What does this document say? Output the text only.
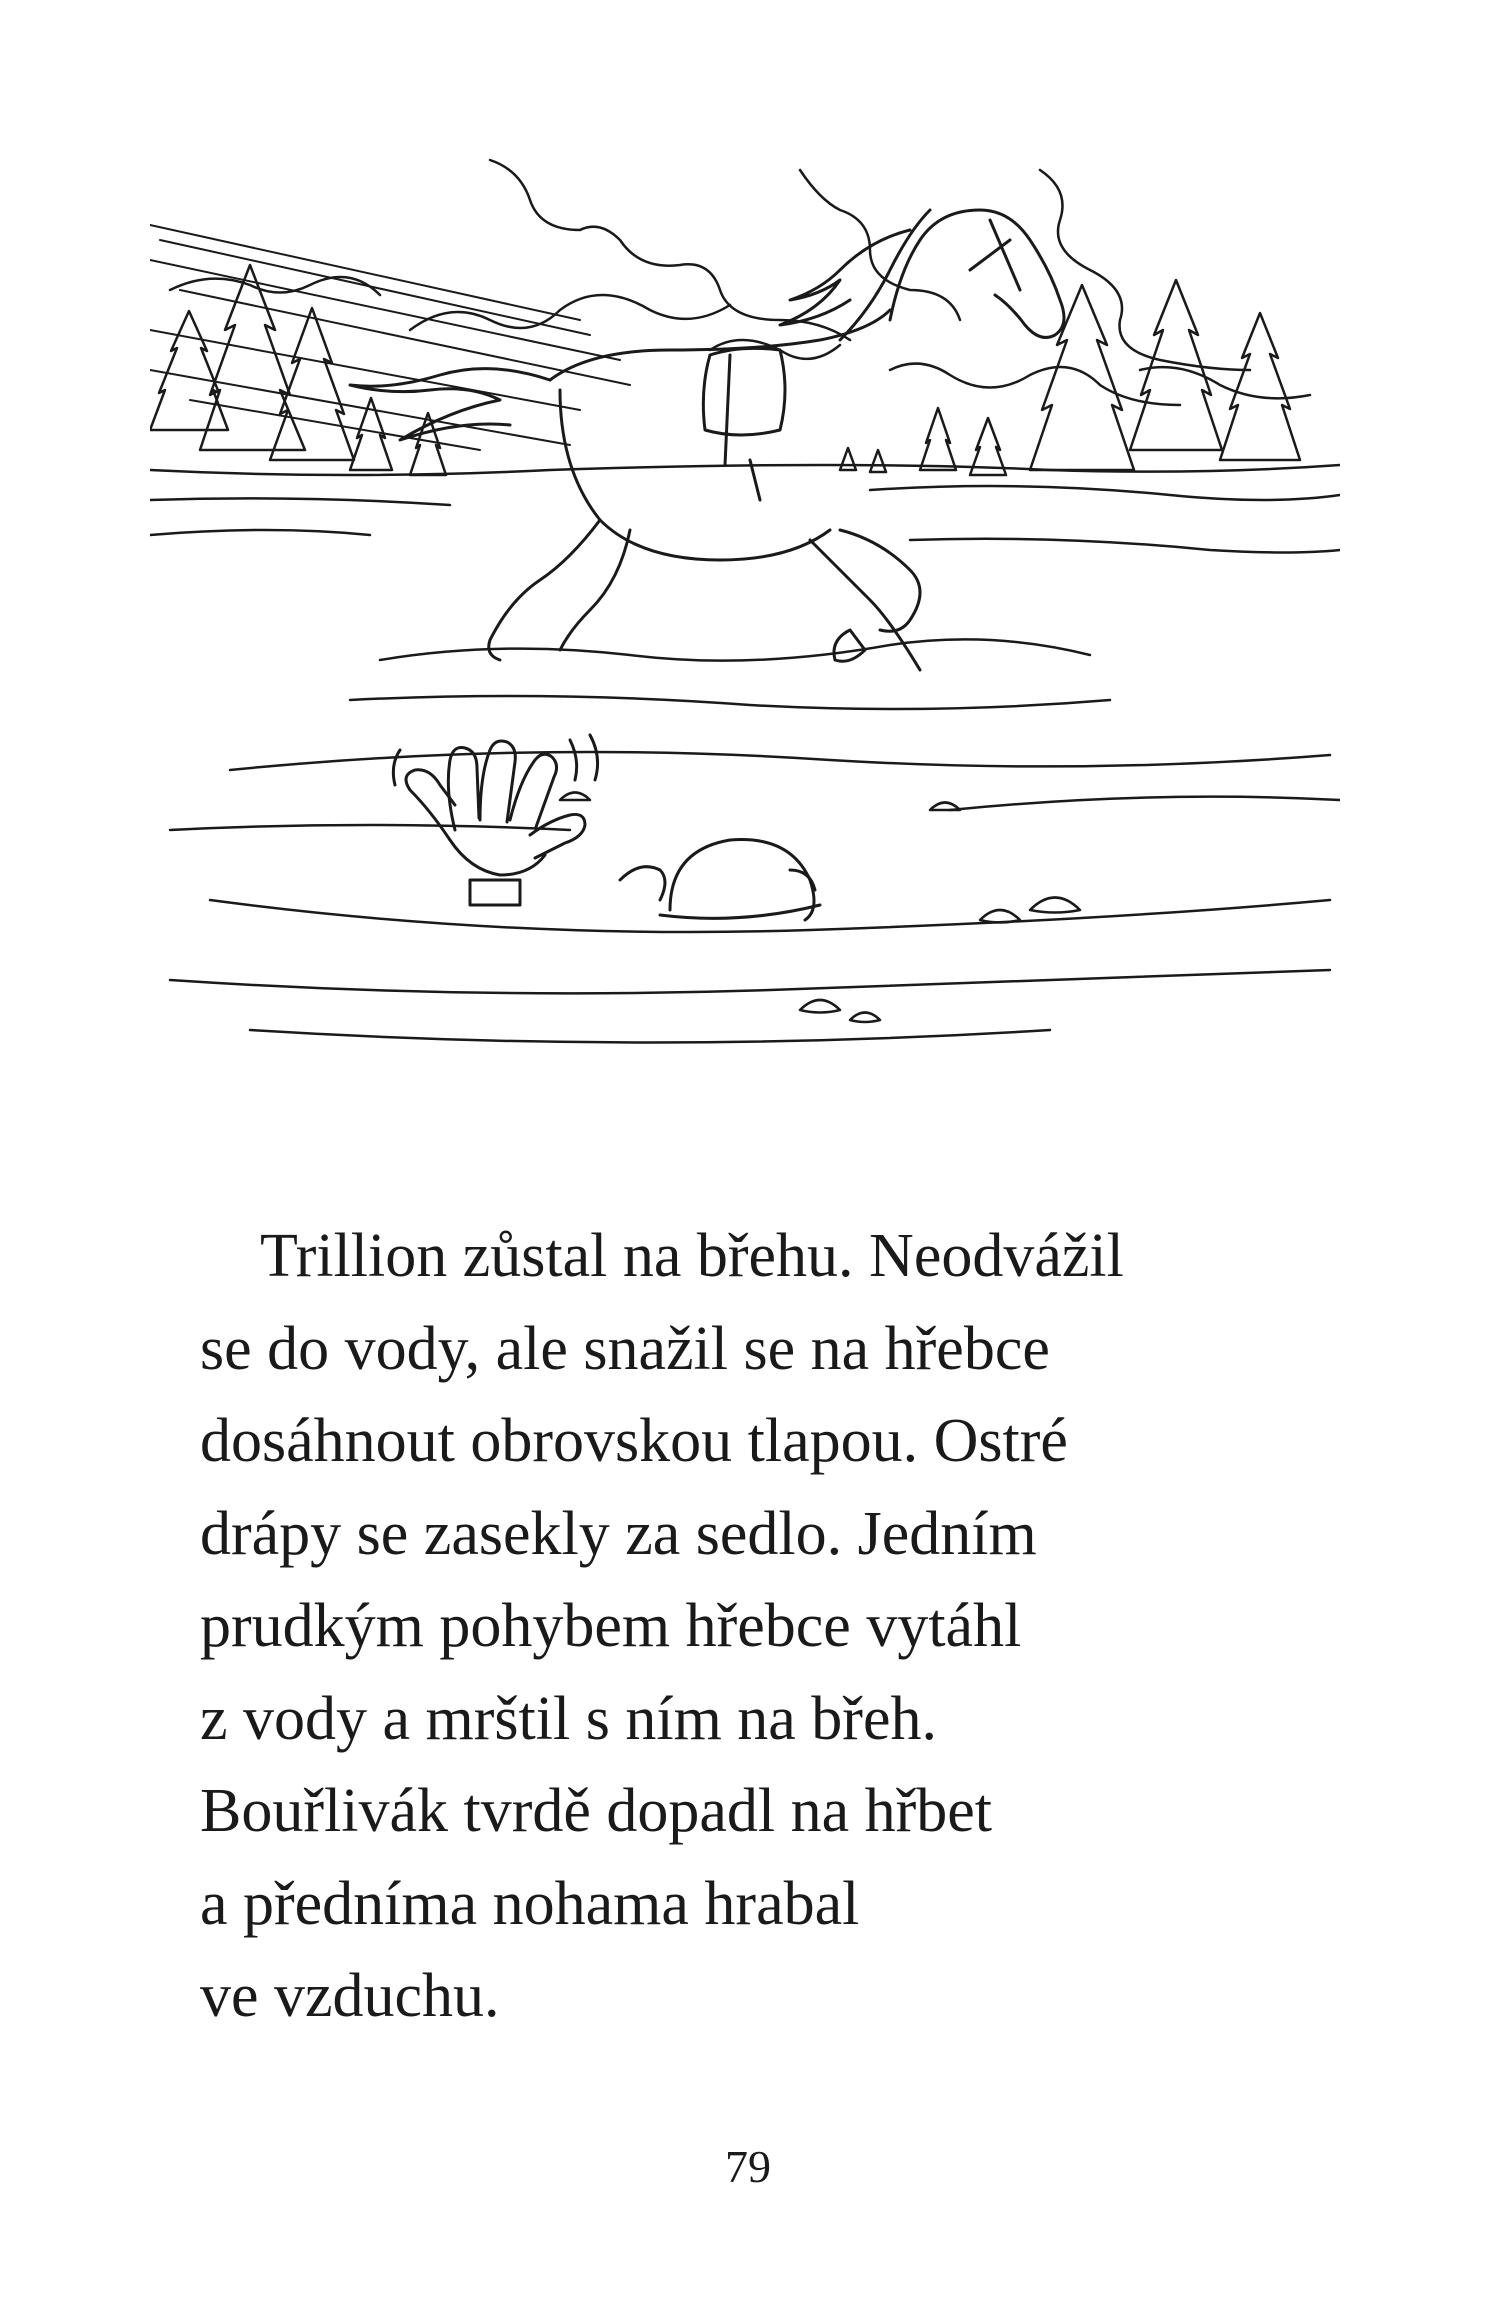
Trillion zůstal na břehu. Neodvážil
se do vody, ale snažil se na hřebce
dosáhnout obrovskou tlapou. Ostré
drápy se zasekly za sedlo. Jedním
prudkým pohybem hřebce vytáhl
z vody a mrštil s ním na břeh.
Bouřlivák tvrdě dopadl na hřbet
a předníma nohama hrabal
ve vzduchu.
79
